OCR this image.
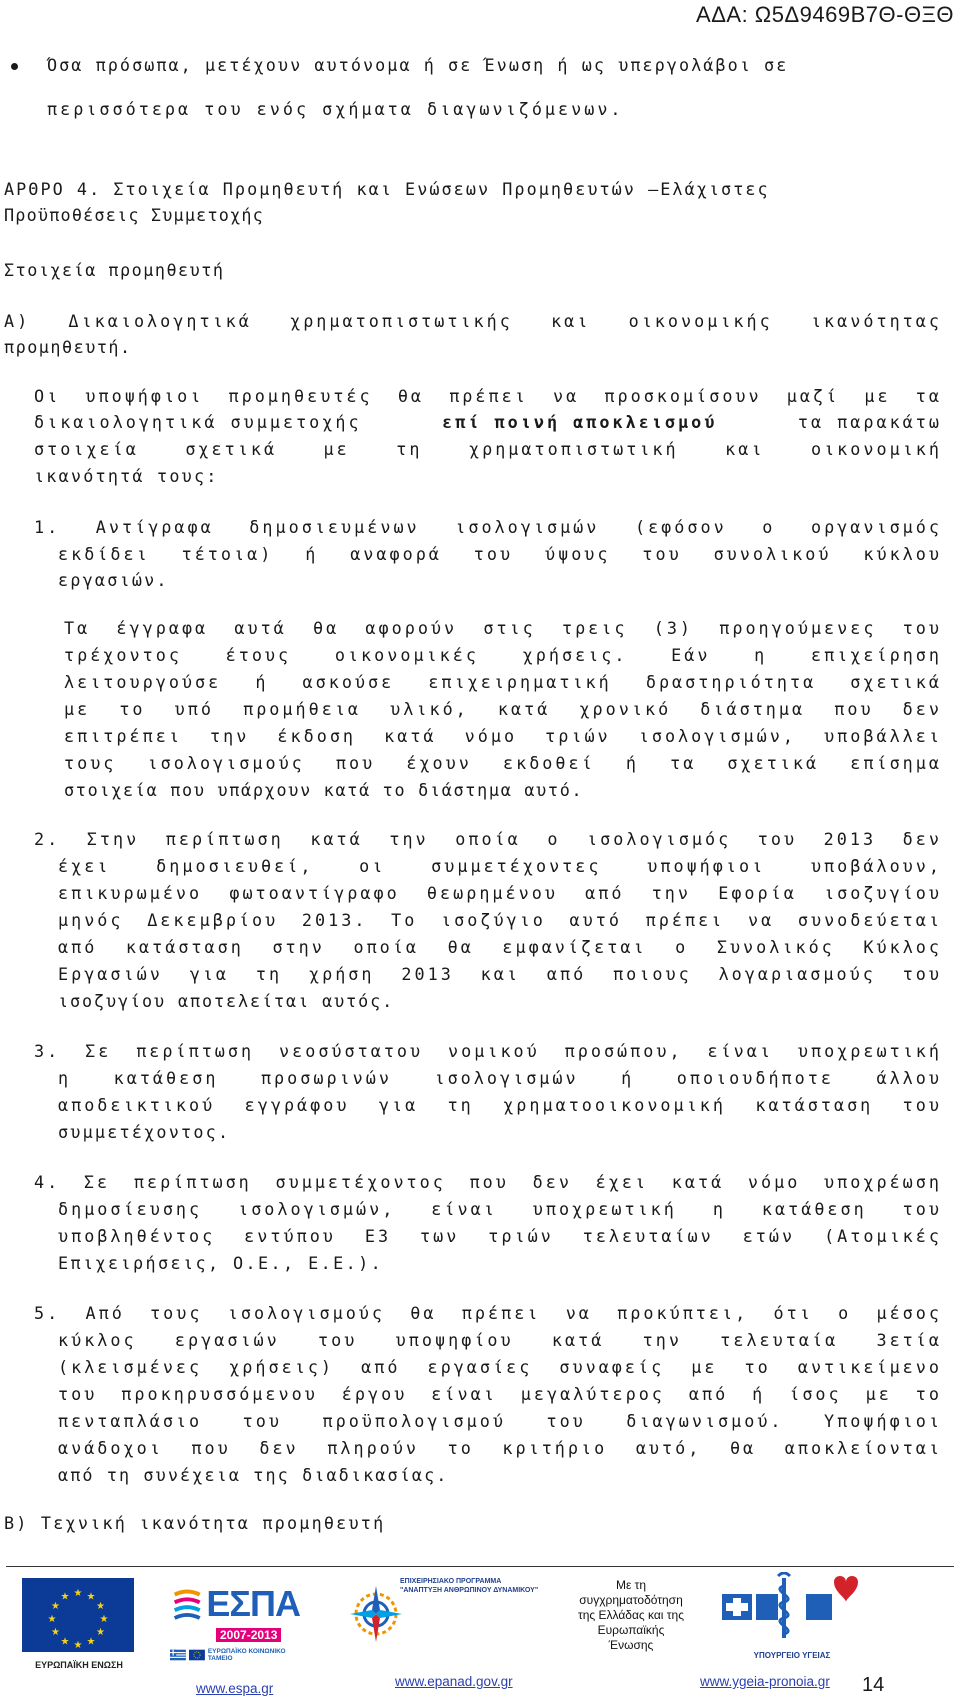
ΑΔΑ: Ω5Δ9469Β7Θ-ΘΞΘ
Όσα πρόσωπα, μετέχουν αυτόνομα ή σε Ένωση ή ως υπεργολάβοι σε
περισσότερα του ενός σχήματα διαγωνιζόμενων.
ΑΡΘΡΟ 4. Στοιχεία Προμηθευτή και Ενώσεων Προμηθευτών –Ελάχιστες
Προϋποθέσεις Συμμετοχής
Στοιχεία προμηθευτή
Α) Δικαιολογητικά χρηματοπιστωτικής και οικονομικής ικανότητας
προμηθευτή.
Οι υποψήφιοι προμηθευτές θα πρέπει να προσκομίσουν μαζί με τα
δικαιολογητικά συμμετοχής	επί ποινή αποκλεισμού	τα παρακάτω
στοιχεία σχετικά με τη χρηματοπιστωτική και οικονομική
ικανότητά τους:
1. Αντίγραφα δημοσιευμένων ισολογισμών (εφόσον ο οργανισμός
εκδίδει τέτοια) ή αναφορά του ύψους του συνολικού κύκλου
εργασιών.
Τα έγγραφα αυτά θα αφορούν στις τρεις (3) προηγούμενες του
τρέχοντος έτους οικονομικές χρήσεις. Εάν η επιχείρηση
λειτουργούσε ή ασκούσε επιχειρηματική δραστηριότητα σχετικά
με το υπό προμήθεια υλικό, κατά χρονικό διάστημα που δεν
επιτρέπει την έκδοση κατά νόμο τριών ισολογισμών, υποβάλλει
τους ισολογισμούς που έχουν εκδοθεί ή τα σχετικά επίσημα
στοιχεία που υπάρχουν κατά το διάστημα αυτό.
2. Στην περίπτωση κατά την οποία ο ισολογισμός του 2013 δεν
έχει δημοσιευθεί, οι συμμετέχοντες υποψήφιοι υποβάλουν,
επικυρωμένο φωτοαντίγραφο θεωρημένου από την Εφορία ισοζυγίου
μηνός Δεκεμβρίου 2013. Το ισοζύγιο αυτό πρέπει να συνοδεύεται
από κατάσταση στην οποία θα εμφανίζεται ο Συνολικός Κύκλος
Εργασιών για τη χρήση 2013 και από ποιους λογαριασμούς του
ισοζυγίου αποτελείται αυτός.
3. Σε περίπτωση νεοσύστατου νομικού προσώπου, είναι υποχρεωτική
η κατάθεση προσωρινών ισολογισμών ή οποιουδήποτε άλλου
αποδεικτικού εγγράφου για τη χρηματοοικονομική κατάσταση του
συμμετέχοντος.
4. Σε περίπτωση συμμετέχοντος που δεν έχει κατά νόμο υποχρέωση
δημοσίευσης ισολογισμών, είναι υποχρεωτική η κατάθεση του
υποβληθέντος εντύπου Ε3 των τριών τελευταίων ετών (Ατομικές
Επιχειρήσεις, Ο.Ε., Ε.Ε.).
5. Από τους ισολογισμούς θα πρέπει να προκύπτει, ότι ο μέσος
κύκλος εργασιών του υποψηφίου κατά την τελευταία 3ετία
(κλεισμένες χρήσεις) από εργασίες συναφείς με το αντικείμενο
του προκηρυσσόμενου έργου είναι μεγαλύτερος από ή ίσος με το
πενταπλάσιο του προϋπολογισμού του διαγωνισμού. Υποψήφιοι
ανάδοχοι που δεν πληρούν το κριτήριο αυτό, θα αποκλείονται
από τη συνέχεια της διαδικασίας.
Β) Τεχνική ικανότητα προμηθευτή
★ ★
★
★
★
★
★
★
★
★
★
★
ΕΥΡΩΠΑΪΚΗ ΕΝΩΣΗ
ΕΣΠΑ
2007-2013
ΕΥΡΩΠΑΪΚΟ ΚΟΙΝΩΝΙΚΟ ΤΑΜΕΙΟ
ΕΠΙΧΕΙΡΗΣΙΑΚΟ ΠΡΟΓΡΑΜΜΑ
"ΑΝΑΠΤΥΞΗ ΑΝΘΡΩΠΙΝΟΥ ΔΥΝΑΜΙΚΟΥ"	Με τη
συγχρηματοδότηση
της Ελλάδας και της
Ευρωπαϊκής
Ένωσης
ΥΠΟΥΡΓΕΙΟ ΥΓΕΙΑΣ
www.espa.gr	www.epanad.gov.gr	www.ygeia-pronoia.gr 14
